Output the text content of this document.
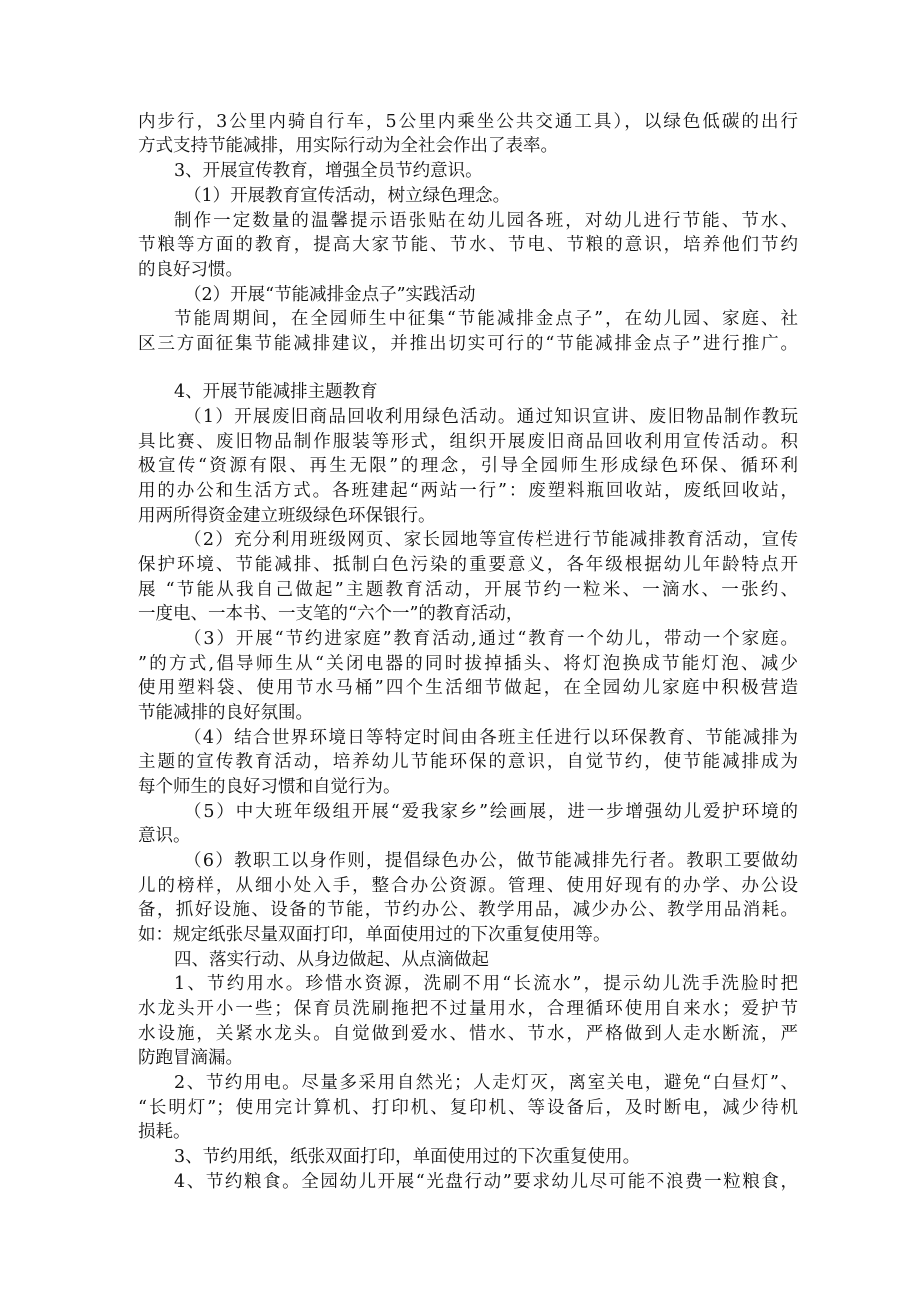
内步行，3公里内骑自行车，5公里内乘坐公共交通工具），以绿色低碳的出行

方式支持节能减排，用实际行动为全社会作出了表率。

3、开展宣传教育，增强全员节约意识。

（1）开展教育宣传活动，树立绿色理念。

制作一定数量的温馨提示语张贴在幼儿园各班，对幼儿进行节能、节水、

节粮等方面的教育，提高大家节能、节水、节电、节粮的意识，培养他们节约

的良好习惯。

（2）开展“节能减排金点子”实践活动

节能周期间，在全园师生中征集“节能减排金点子”，在幼儿园、家庭、社

区三方面征集节能减排建议，并推出切实可行的“节能减排金点子”进行推广。

4、开展节能减排主题教育

（1）开展废旧商品回收利用绿色活动。通过知识宣讲、废旧物品制作教玩

具比赛、废旧物品制作服装等形式，组织开展废旧商品回收利用宣传活动。积

极宣传“资源有限、再生无限”的理念，引导全园师生形成绿色环保、循环利

用的办公和生活方式。各班建起“两站一行”：废塑料瓶回收站，废纸回收站，

用两所得资金建立班级绿色环保银行。

（2）充分利用班级网页、家长园地等宣传栏进行节能减排教育活动，宣传

保护环境、节能减排、抵制白色污染的重要意义，各年级根据幼儿年龄特点开

展 “节能从我自己做起”主题教育活动，开展节约一粒米、一滴水、一张约、

一度电、一本书、一支笔的“六个一”的教育活动，

（3）开展“节约进家庭”教育活动,通过“教育一个幼儿，带动一个家庭。

”的方式,倡导师生从“关闭电器的同时拔掉插头、将灯泡换成节能灯泡、减少

使用塑料袋、使用节水马桶”四个生活细节做起，在全园幼儿家庭中积极营造

节能减排的良好氛围。

（4）结合世界环境日等特定时间由各班主任进行以环保教育、节能减排为

主题的宣传教育活动，培养幼儿节能环保的意识，自觉节约，使节能减排成为

每个师生的良好习惯和自觉行为。

（5）中大班年级组开展“爱我家乡”绘画展，进一步增强幼儿爱护环境的

意识。

（6）教职工以身作则，提倡绿色办公，做节能减排先行者。教职工要做幼

儿的榜样，从细小处入手，整合办公资源。管理、使用好现有的办学、办公设

备，抓好设施、设备的节能，节约办公、教学用品，减少办公、教学用品消耗。

如：规定纸张尽量双面打印，单面使用过的下次重复使用等。

四、落实行动、从身边做起、从点滴做起

1、节约用水。珍惜水资源，洗刷不用“长流水”，提示幼儿洗手洗脸时把

水龙头开小一些；保育员洗刷拖把不过量用水，合理循环使用自来水；爱护节

水设施，关紧水龙头。自觉做到爱水、惜水、节水，严格做到人走水断流，严

防跑冒滴漏。

2、节约用电。尽量多采用自然光；人走灯灭，离室关电，避免“白昼灯”、

“长明灯”；使用完计算机、打印机、复印机、等设备后，及时断电，减少待机

损耗。

3、节约用纸，纸张双面打印，单面使用过的下次重复使用。

4、节约粮食。全园幼儿开展“光盘行动”要求幼儿尽可能不浪费一粒粮食，
